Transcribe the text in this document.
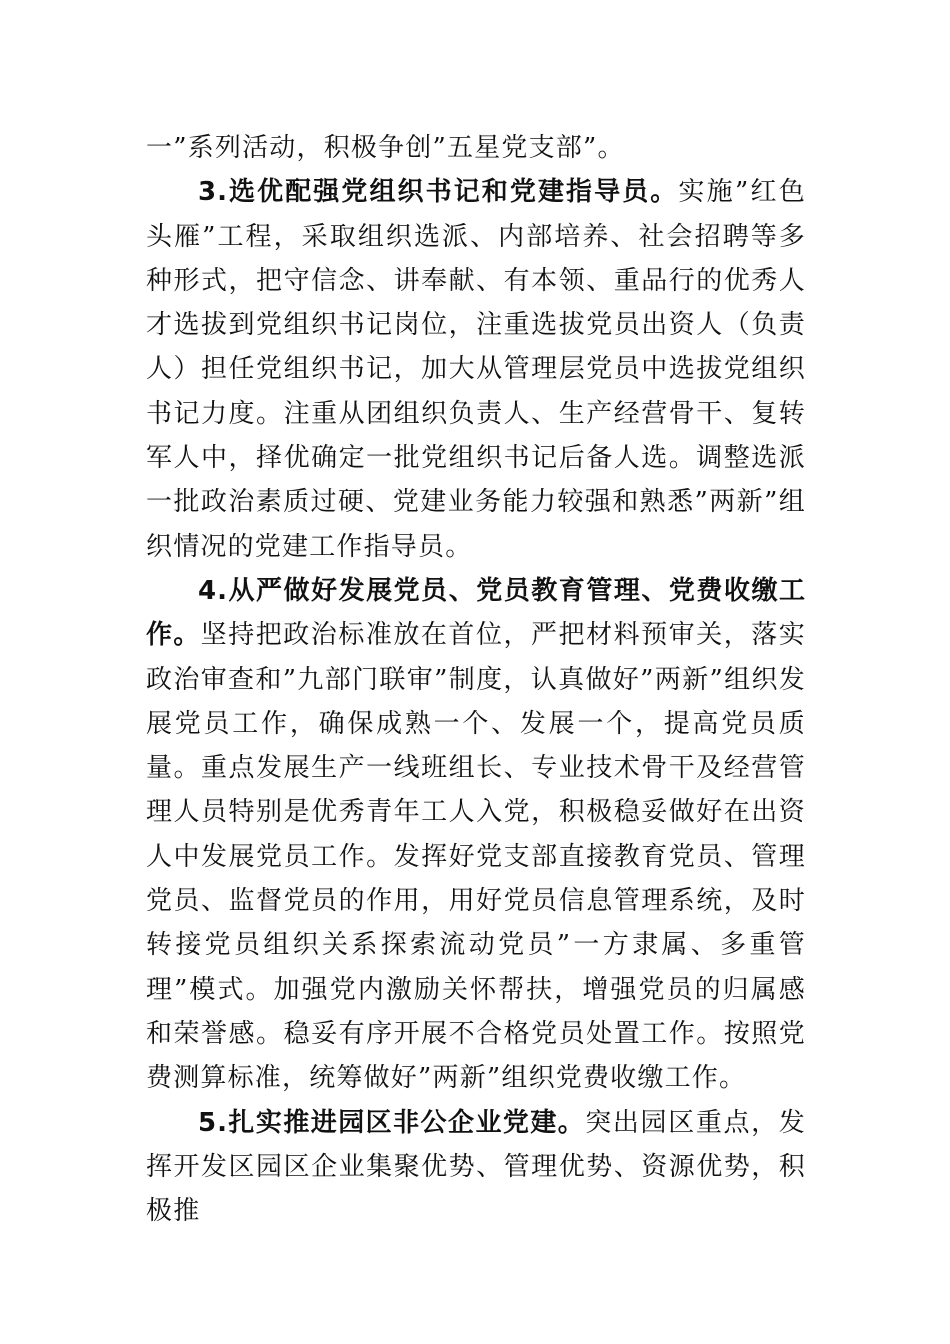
一”系列活动，积极争创”五星党支部”。

3.选优配强党组织书记和党建指导员。实施”红色头雁”工程，采取组织选派、内部培养、社会招聘等多种形式，把守信念、讲奉献、有本领、重品行的优秀人才选拔到党组织书记岗位，注重选拔党员出资人（负责人）担任党组织书记，加大从管理层党员中选拔党组织书记力度。注重从团组织负责人、生产经营骨干、复转军人中，择优确定一批党组织书记后备人选。调整选派一批政治素质过硬、党建业务能力较强和熟悉”两新”组织情况的党建工作指导员。

4.从严做好发展党员、党员教育管理、党费收缴工作。坚持把政治标准放在首位，严把材料预审关，落实政治审查和”九部门联审”制度，认真做好”两新”组织发展党员工作，确保成熟一个、发展一个，提高党员质量。重点发展生产一线班组长、专业技术骨干及经营管理人员特别是优秀青年工人入党，积极稳妥做好在出资人中发展党员工作。发挥好党支部直接教育党员、管理党员、监督党员的作用，用好党员信息管理系统，及时转接党员组织关系探索流动党员”一方隶属、多重管理”模式。加强党内激励关怀帮扶，增强党员的归属感和荣誉感。稳妥有序开展不合格党员处置工作。按照党费测算标准，统筹做好”两新”组织党费收缴工作。

5.扎实推进园区非公企业党建。突出园区重点，发挥开发区园区企业集聚优势、管理优势、资源优势，积极推
